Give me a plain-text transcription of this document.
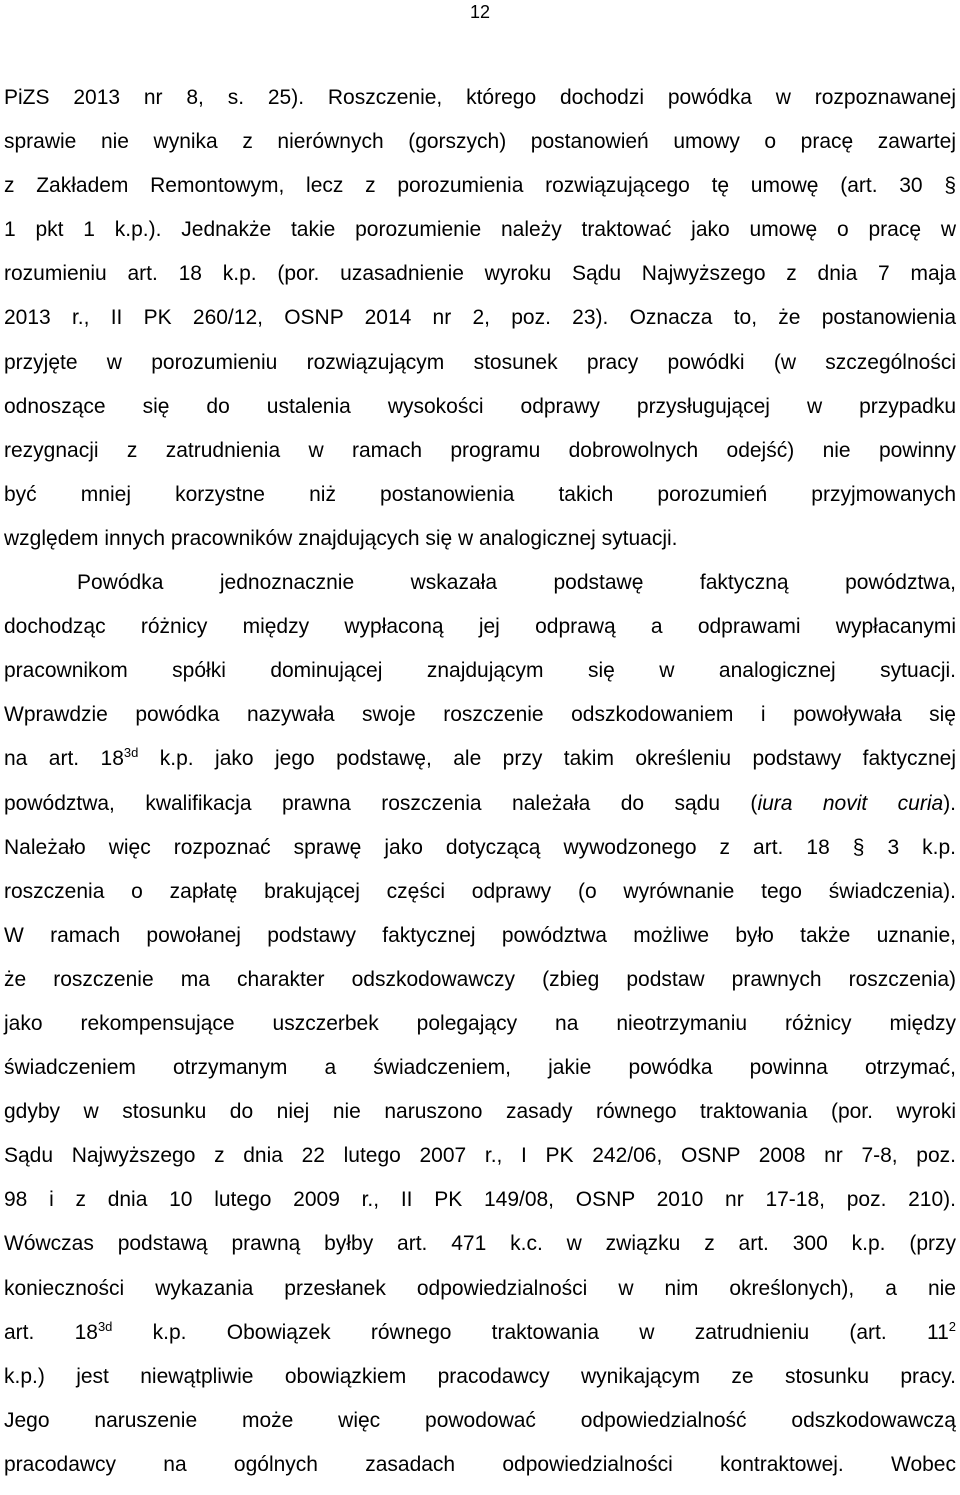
12
PiZS 2013 nr 8, s. 25). Roszczenie, którego dochodzi powódka w rozpoznawanej
sprawie nie wynika z nierównych (gorszych) postanowień umowy o pracę zawartej
z Zakładem Remontowym, lecz z porozumienia rozwiązującego tę umowę (art. 30 §
1 pkt 1 k.p.). Jednakże takie porozumienie należy traktować jako umowę o pracę w
rozumieniu art. 18 k.p. (por. uzasadnienie wyroku Sądu Najwyższego z dnia 7 maja
2013 r., II PK 260/12, OSNP 2014 nr 2, poz. 23). Oznacza to, że postanowienia
przyjęte w porozumieniu rozwiązującym stosunek pracy powódki (w szczególności
odnoszące się do ustalenia wysokości odprawy przysługującej w przypadku
rezygnacji z zatrudnienia w ramach programu dobrowolnych odejść) nie powinny
być mniej korzystne niż postanowienia takich porozumień przyjmowanych
względem innych pracowników znajdujących się w analogicznej sytuacji.
Powódka jednoznacznie wskazała podstawę faktyczną powództwa,
dochodząc różnicy między wypłaconą jej odprawą a odprawami wypłacanymi
pracownikom spółki dominującej znajdującym się w analogicznej sytuacji.
Wprawdzie powódka nazywała swoje roszczenie odszkodowaniem i powoływała się
na art. $18^{3d}$ k.p. jako jego podstawę, ale przy takim określeniu podstawy faktycznej
powództwa, kwalifikacja prawna roszczenia należała do sądu (iura novit curia).
Należało więc rozpoznać sprawę jako dotyczącą wywodzonego z art. 18 § 3 k.p.
roszczenia o zapłatę brakującej części odprawy (o wyrównanie tego świadczenia).
W ramach powołanej podstawy faktycznej powództwa możliwe było także uznanie,
że roszczenie ma charakter odszkodowawczy (zbieg podstaw prawnych roszczenia)
jako rekompensujące uszczerbek polegający na nieotrzymaniu różnicy między
świadczeniem otrzymanym a świadczeniem, jakie powódka powinna otrzymać,
gdyby w stosunku do niej nie naruszono zasady równego traktowania (por. wyroki
Sądu Najwyższego z dnia 22 lutego 2007 r., I PK 242/06, OSNP 2008 nr 7-8, poz.
98 i z dnia 10 lutego 2009 r., II PK 149/08, OSNP 2010 nr 17-18, poz. 210).
Wówczas podstawą prawną byłby art. 471 k.c. w związku z art. 300 k.p. (przy
konieczności wykazania przesłanek odpowiedzialności w nim określonych), a nie
art. $18^{3d}$ k.p. Obowiązek równego traktowania w zatrudnieniu (art. $11^2$
k.p.) jest niewątpliwie obowiązkiem pracodawcy wynikającym ze stosunku pracy.
Jego naruszenie może więc powodować odpowiedzialność odszkodowawczą
pracodawcy na ogólnych zasadach odpowiedzialności kontraktowej. Wobec
